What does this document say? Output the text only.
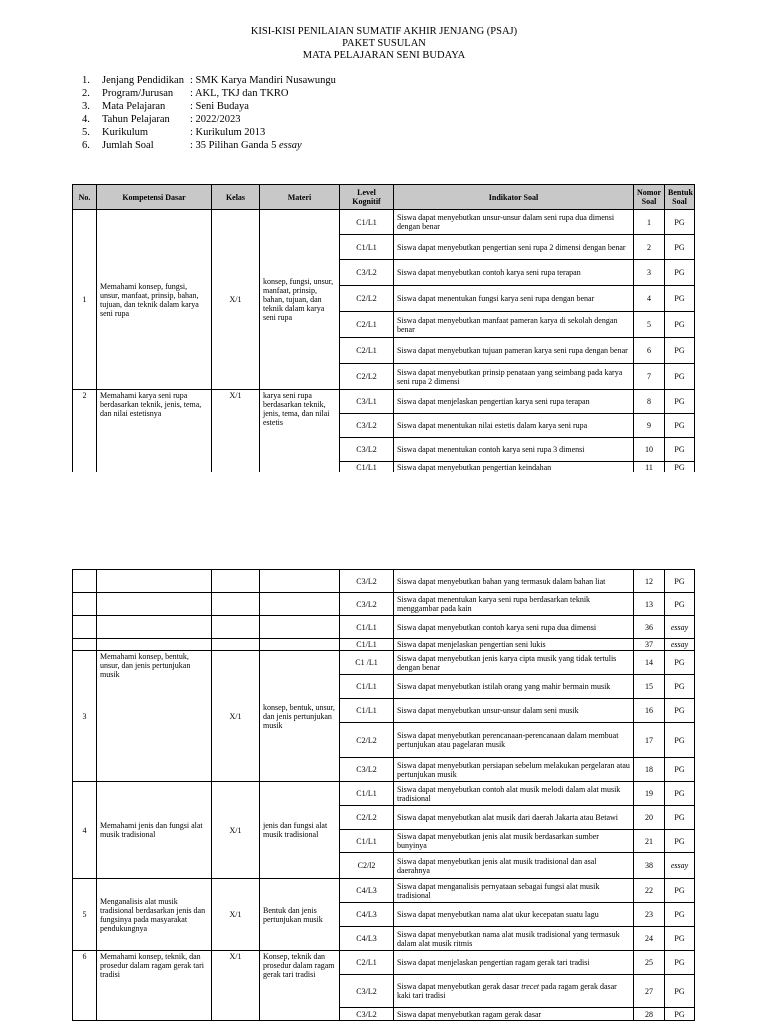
KISI-KISI PENILAIAN SUMATIF AKHIR JENJANG (PSAJ)
PAKET SUSULAN
MATA PELAJARAN SENI BUDAYA
1.	Jenjang Pendidikan : SMK Karya Mandiri Nusawungu
2.	Program/Jurusan	: AKL, TKJ dan TKRO
3.	Mata Pelajaran	: Seni Budaya
4.	Tahun Pelajaran	: 2022/2023
5.	Kurikulum	: Kurikulum 2013
6.	Jumlah Soal	: 35 Pilihan Ganda 5 essay
No.	Kompetensi Dasar	Kelas	Materi	Level Kognitif	Indikator Soal	Nomor Soal	Bentuk Soal
1	Memahami konsep, fungsi, unsur, manfaat, prinsip, bahan, tujuan, dan teknik dalam karya seni rupa	X/1	konsep, fungsi, unsur, manfaat, prinsip, bahan, tujuan, dan teknik dalam karya seni rupa	C1/L1	Siswa dapat menyebutkan unsur-unsur dalam seni rupa dua dimensi dengan benar	1	PG
				C1/L1	Siswa dapat menyebutkan pengertian seni rupa 2 dimensi dengan benar	2	PG
				C3/L2	Siswa dapat menyebutkan contoh karya seni rupa terapan	3	PG
				C2/L2	Siswa dapat menentukan fungsi karya seni rupa dengan benar	4	PG
				C2/L1	Siswa dapat menyebutkan manfaat pameran karya di sekolah dengan benar	5	PG
				C2/L1	Siswa dapat menyebutkan tujuan pameran karya seni rupa dengan benar	6	PG
				C2/L2	Siswa dapat menyebutkan prinsip penataan yang seimbang pada karya seni rupa 2 dimensi	7	PG
2	Memahami karya seni rupa berdasarkan teknik, jenis, tema, dan nilai estetisnya	X/1	karya seni rupa berdasarkan teknik, jenis, tema, dan nilai estetis	C3/L1	Siswa dapat menjelaskan pengertian karya seni rupa terapan	8	PG
				C3/L2	Siswa dapat menentukan nilai estetis dalam karya seni rupa	9	PG
				C3/L2	Siswa dapat menentukan contoh karya seni rupa 3 dimensi	10	PG
				C1/L1	Siswa dapat menyebutkan pengertian keindahan	11	PG
				C3/L2	Siswa dapat menyebutkan bahan yang termasuk dalam bahan liat	12	PG
				C3/L2	Siswa dapat menentukan karya seni rupa berdasarkan teknik menggambar pada kain	13	PG
				C1/L1	Siswa dapat menyebutkan contoh karya seni rupa dua dimensi	36	essay
				C1/L1	Siswa dapat menjelaskan pengertian seni lukis	37	essay
3	Memahami konsep, bentuk, unsur, dan jenis pertunjukan musik	X/1	konsep, bentuk, unsur, dan jenis pertunjukan musik	C1 /L1	Siswa dapat menyebutkan jenis karya cipta musik yang tidak tertulis dengan benar	14	PG
				C1/L1	Siswa dapat menyebutkan istilah orang yang mahir bermain musik	15	PG
				C1/L1	Siswa dapat menyebutkan unsur-unsur dalam seni musik	16	PG
				C2/L2	Siswa dapat menyebutkan perencanaan-perencanaan dalam membuat pertunjukan atau pagelaran musik	17	PG
				C3/L2	Siswa dapat menyebutkan persiapan sebelum melakukan pergelaran atau pertunjukan musik	18	PG
4	Memahami jenis dan fungsi alat musik tradisional	X/1	jenis dan fungsi alat musik tradisional	C1/L1	Siswa dapat menyebutkan contoh alat musik melodi dalam alat musik tradisional	19	PG
				C2/L2	Siswa dapat menyebutkan alat musik dari daerah Jakarta atau Betawi	20	PG
				C1/L1	Siswa dapat menyebutkan jenis alat musik berdasarkan sumber bunyinya	21	PG
				C2/l2	Siswa dapat menyebutkan jenis alat musik tradisional dan asal daerahnya	38	essay
5	Menganalisis alat musik tradisional berdasarkan jenis dan fungsinya pada masyarakat pendukungnya	X/1	Bentuk dan jenis pertunjukan musik	C4/L3	Siswa dapat menganalisis pernyataan sebagai fungsi alat musik tradisional	22	PG
				C4/L3	Siswa dapat menyebutkan nama alat ukur kecepatan suatu lagu	23	PG
				C4/L3	Siswa dapat menyebutkan nama alat musik tradisional yang termasuk dalam alat musik ritmis	24	PG
6	Memahami konsep, teknik, dan prosedur dalam ragam gerak tari tradisi	X/1	Konsep, teknik dan prosedur dalam ragam gerak tari tradisi	C2/L1	Siswa dapat menjelaskan pengertian ragam gerak tari tradisi	25	PG
				C3/L2	Siswa dapat menyebutkan gerak dasar trecet pada ragam gerak dasar kaki tari tradisi	27	PG
				C3/L2	Siswa dapat menyebutkan ragam gerak dasar	28	PG
